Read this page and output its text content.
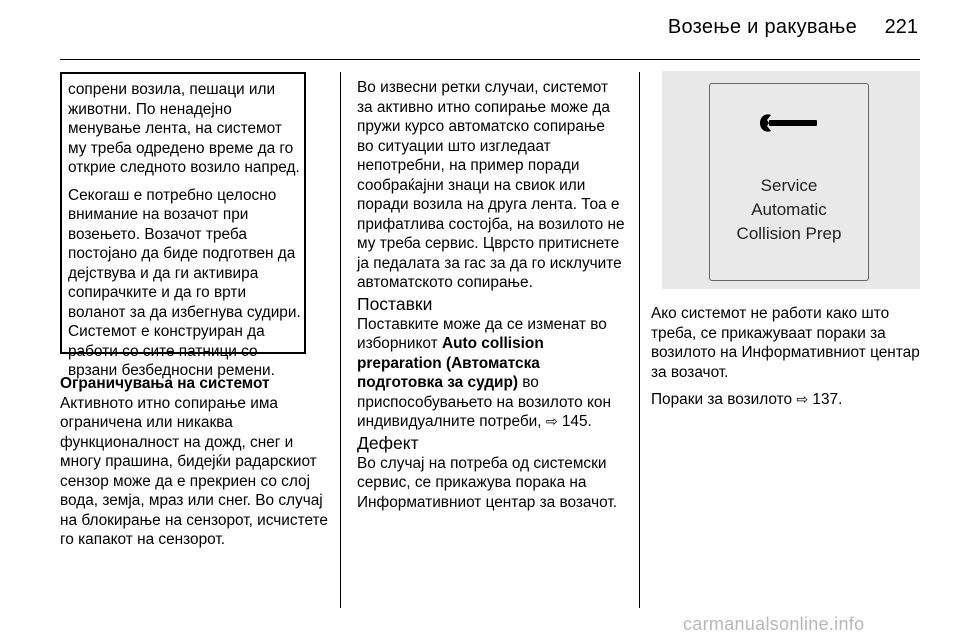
Возење и ракување	221

сопрени возила, пешаци или животни. По ненадејно менување лента, на системот му треба одредено време да го открие следното возило напред.

Секогаш е потребно целосно внимание на возачот при возењето. Возачот треба постојано да биде подготвен да дејствува и да ги активира сопирачките и да го врти воланот за да избегнува судири. Системот е конструиран да работи со сите патници со врзани безбедносни ремени.

Ограничувања на системот

Активното итно сопирање има ограничена или никаква функционалност на дожд, снег и многу прашина, бидејќи радарскиот сензор може да е прекриен со слој вода, земја, мраз или снег. Во случај на блокирање на сензорот, исчистете го капакот на сензорот.

Во извесни ретки случаи, системот за активно итно сопирање може да пружи курсо автоматско сопирање во ситуации што изгледаат непотребни, на пример поради сообраќајни знаци на свиок или поради возила на друга лента. Тоа е прифатлива состојба, на возилото не му треба сервис. Цврсто притиснете ја педалата за гас за да го исклучите автоматското сопирање.

Поставки

Поставките може да се изменат во изборникот Auto collision preparation (Автоматска подготовка за судир) во приспособувањето на возилото кон индивидуалните потреби, ⇨ 145.

Дефект

Во случај на потреба од системски сервис, се прикажува порака на Информативниот центар за возачот.

Service
Automatic
Collision Prep

Ако системот не работи како што треба, се прикажуваат пораки за возилото на Информативниот центар за возачот.

Пораки за возилото ⇨ 137.

carmanualsonline.info
